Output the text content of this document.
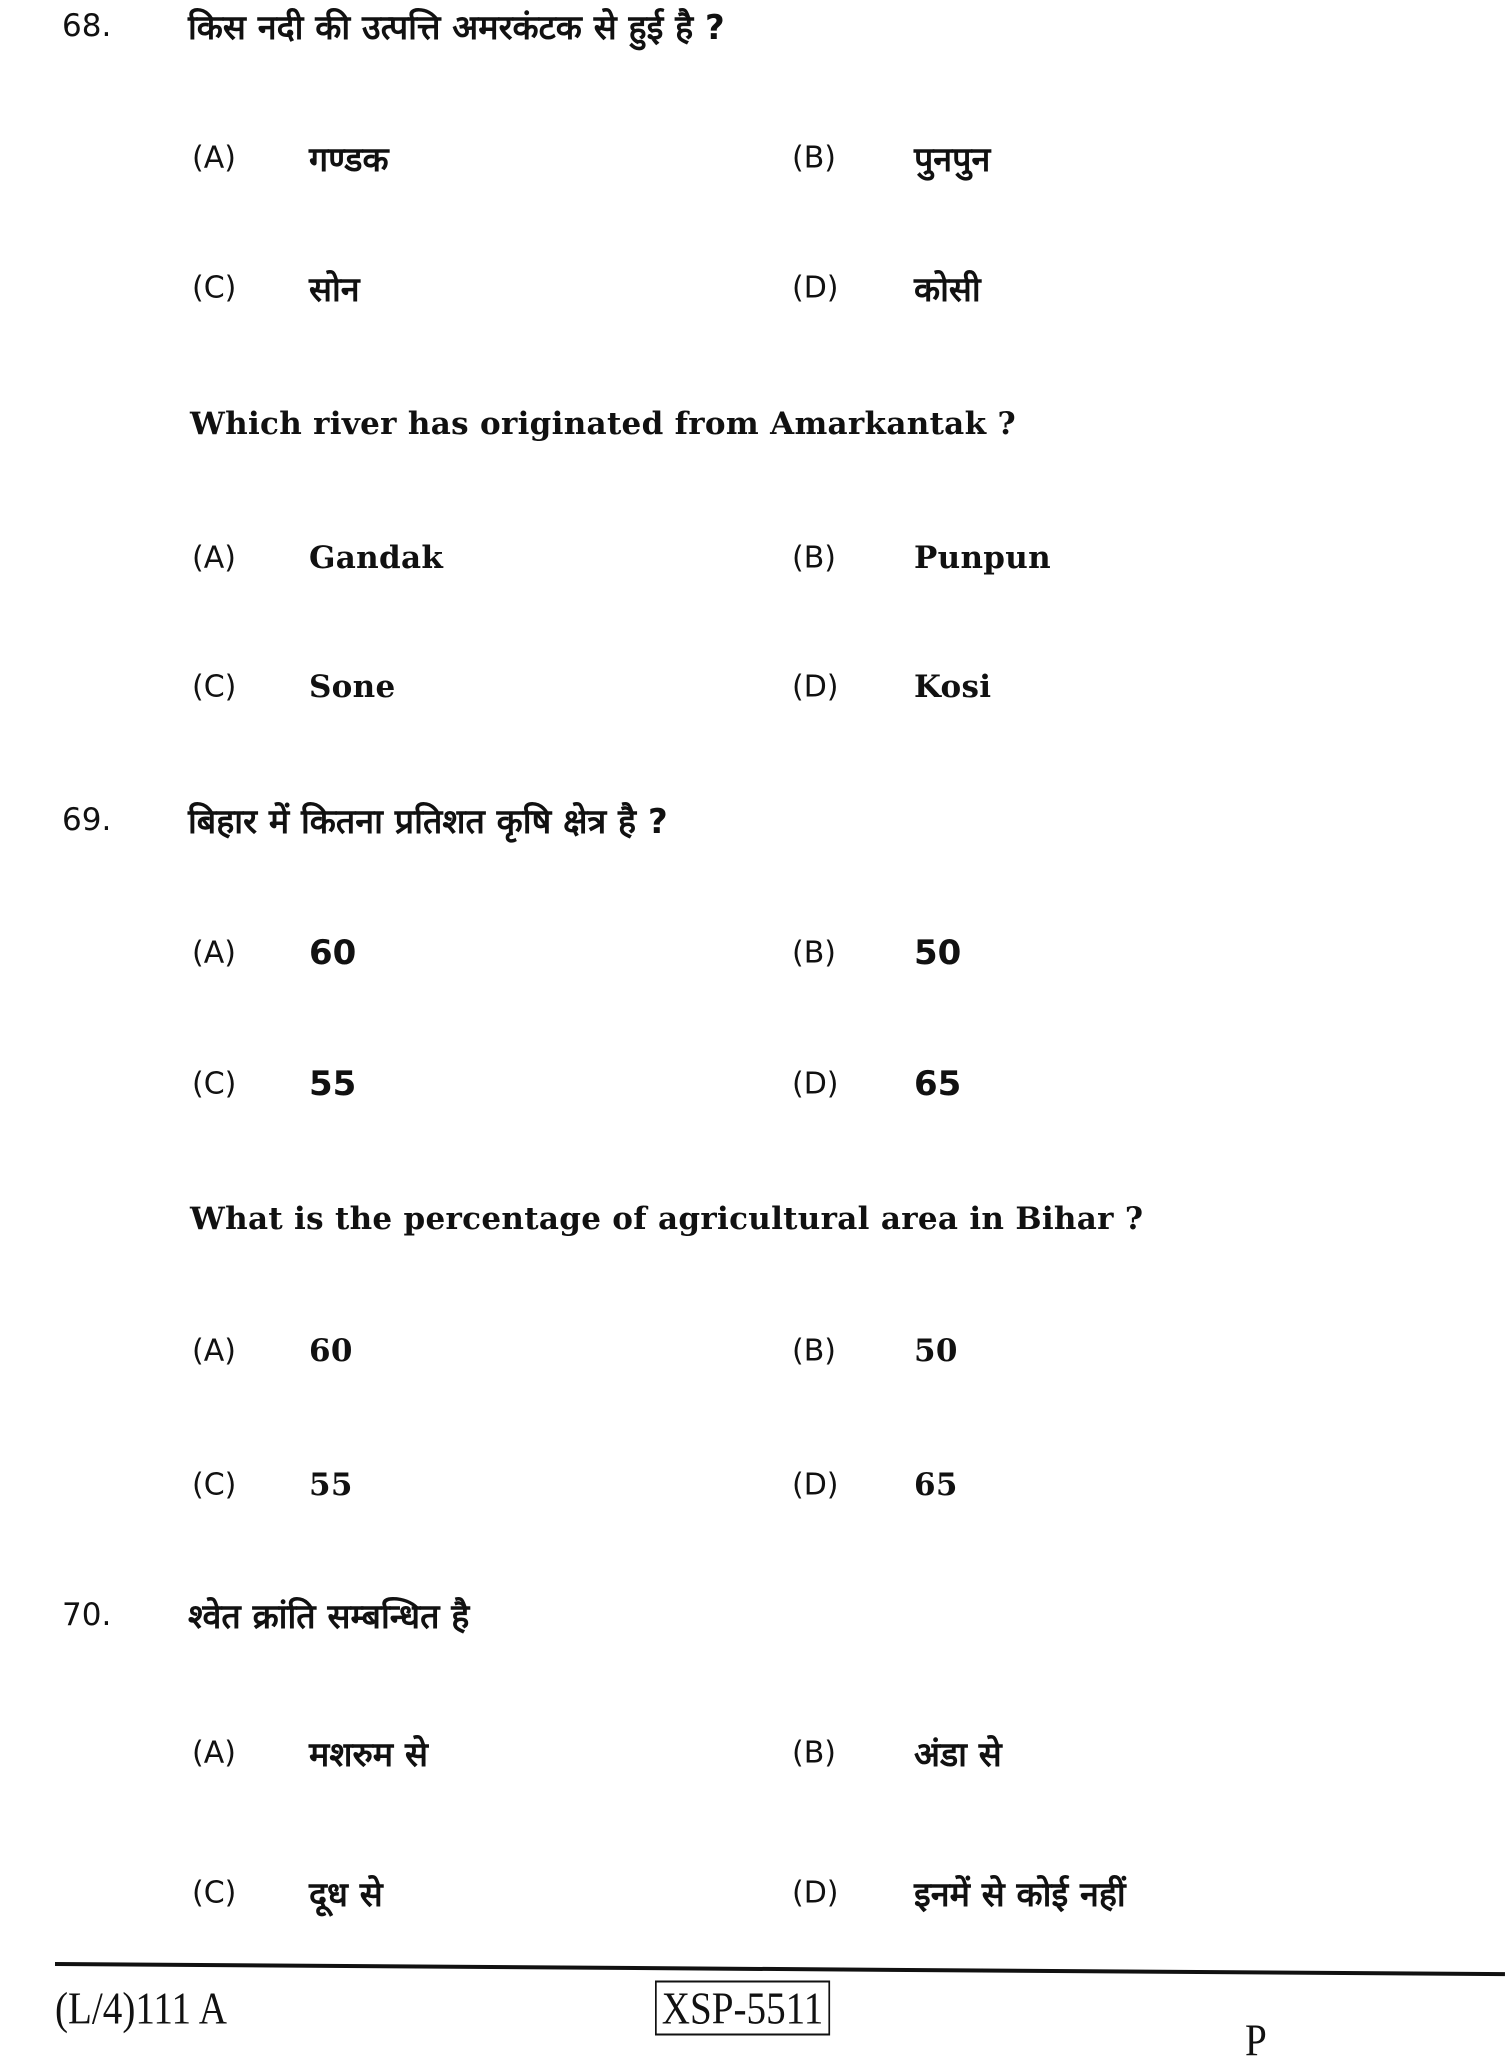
68. किस नदी की उत्पत्ति अमरकंटक से हुई है ?
(A) गण्डक	(B) पुनपुन
(C) सोन	(D) कोसी
Which river has originated from Amarkantak ?
(A) Gandak	(B)	Punpun
(C) Sone	(D) Kosi
69. बिहार में कितना प्रतिशत कृषि क्षेत्र है ?
(A) 60	(B) 50
(C) 55	(D) 65
What is the percentage of agricultural area in Bihar ?
(A) 60	(B)	50
(C) 55	(D) 65
70. श्वेत क्रांति सम्बन्धित है
(A) मशरुम से	(B) अंडा से
(C) दूध से	(D) इनमें से कोई नहीं
(L/4)111 A	XSP-5511
P
